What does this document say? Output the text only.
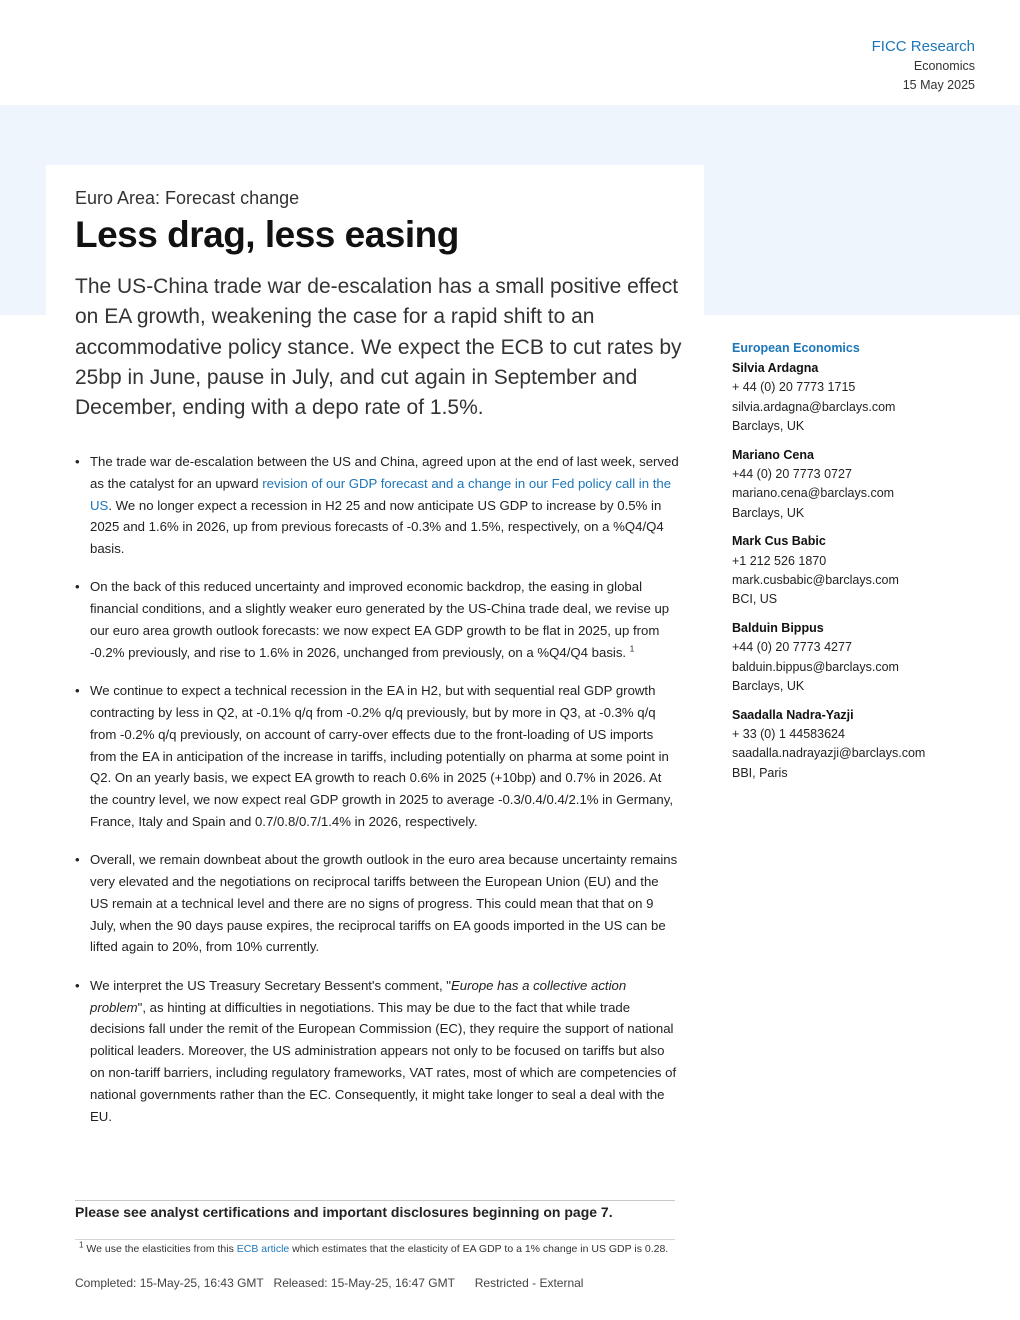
FICC Research
Economics
15 May 2025
Euro Area: Forecast change
Less drag, less easing

The US-China trade war de-escalation has a small positive effect on EA growth, weakening the case for a rapid shift to an accommodative policy stance. We expect the ECB to cut rates by 25bp in June, pause in July, and cut again in September and December, ending with a depo rate of 1.5%.

• The trade war de-escalation between the US and China, agreed upon at the end of last week, served as the catalyst for an upward revision of our GDP forecast and a change in our Fed policy call in the US. We no longer expect a recession in H2 25 and now anticipate US GDP to increase by 0.5% in 2025 and 1.6% in 2026, up from previous forecasts of -0.3% and 1.5%, respectively, on a %Q4/Q4 basis.
• On the back of this reduced uncertainty and improved economic backdrop, the easing in global financial conditions, and a slightly weaker euro generated by the US-China trade deal, we revise up our euro area growth outlook forecasts: we now expect EA GDP growth to be flat in 2025, up from -0.2% previously, and rise to 1.6% in 2026, unchanged from previously, on a %Q4/Q4 basis. $^1$
• We continue to expect a technical recession in the EA in H2, but with sequential real GDP growth contracting by less in Q2, at -0.1% q/q from -0.2% q/q previously, but by more in Q3, at -0.3% q/q from -0.2% q/q previously, on account of carry-over effects due to the front-loading of US imports from the EA in anticipation of the increase in tariffs, including potentially on pharma at some point in Q2. On an yearly basis, we expect EA growth to reach 0.6% in 2025 (+10bp) and 0.7% in 2026. At the country level, we now expect real GDP growth in 2025 to average -0.3/0.4/0.4/2.1% in Germany, France, Italy and Spain and 0.7/0.8/0.7/1.4% in 2026, respectively.
• Overall, we remain downbeat about the growth outlook in the euro area because uncertainty remains very elevated and the negotiations on reciprocal tariffs between the European Union (EU) and the US remain at a technical level and there are no signs of progress. This could mean that that on 9 July, when the 90 days pause expires, the reciprocal tariffs on EA goods imported in the US can be lifted again to 20%, from 10% currently.
• We interpret the US Treasury Secretary Bessent's comment, "Europe has a collective action problem", as hinting at difficulties in negotiations. This may be due to the fact that while trade decisions fall under the remit of the European Commission (EC), they require the support of national political leaders. Moreover, the US administration appears not only to be focused on tariffs but also on non-tariff barriers, including regulatory frameworks, VAT rates, most of which are competencies of national governments rather than the EC. Consequently, it might take longer to seal a deal with the EU.
European Economics
Silvia Ardagna
+ 44 (0) 20 7773 1715
silvia.ardagna@barclays.com
Barclays, UK
Mariano Cena
+44 (0) 20 7773 0727
mariano.cena@barclays.com
Barclays, UK
Mark Cus Babic
+1 212 526 1870
mark.cusbabic@barclays.com
BCI, US
Balduin Bippus
+44 (0) 20 7773 4277
balduin.bippus@barclays.com
Barclays, UK
Saadalla Nadra-Yazji
+ 33 (0) 1 44583624
saadalla.nadrayazji@barclays.com
BBI, Paris
Please see analyst certifications and important disclosures beginning on page 7.
$^1$ We use the elasticities from this ECB article which estimates that the elasticity of EA GDP to a 1% change in US GDP is 0.28.
Completed: 15-May-25, 16:43 GMT Released: 15-May-25, 16:47 GMT Restricted - External
